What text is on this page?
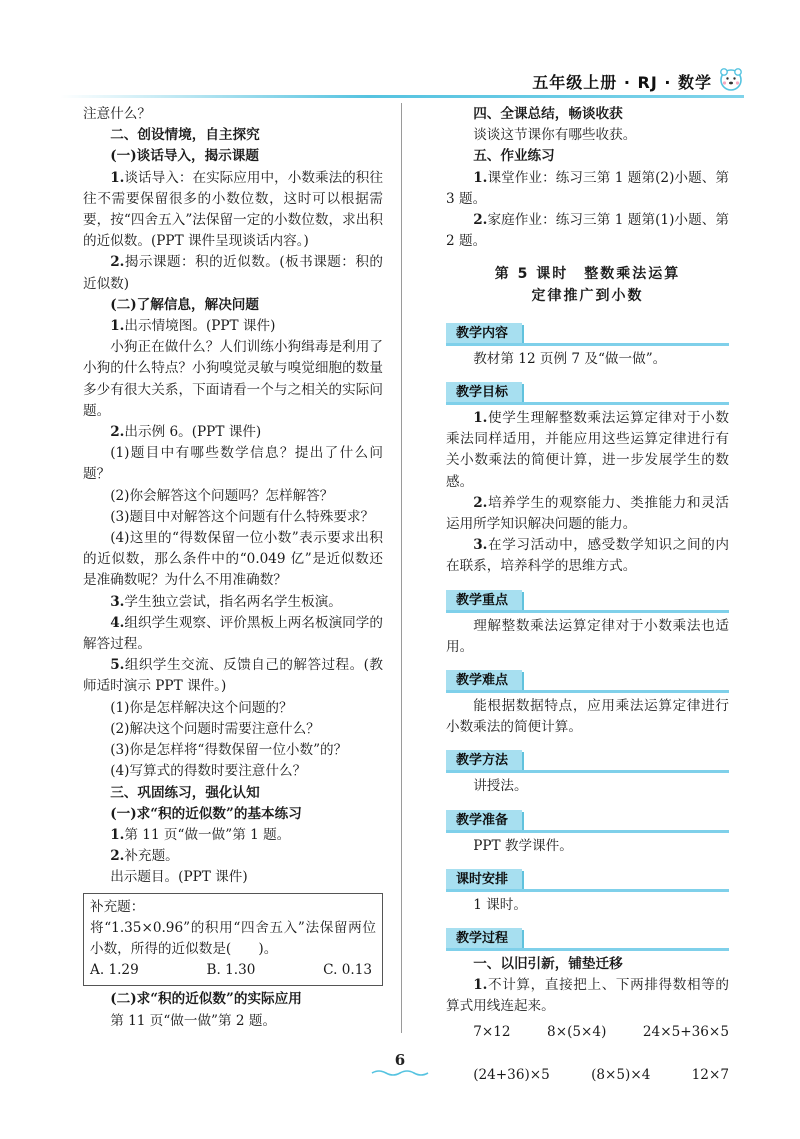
五年级上册 · RJ · 数学

注意什么？

二、创设情境，自主探究

(一)谈话导入，揭示课题

1.谈话导入：在实际应用中，小数乘法的积往往不需要保留很多的小数位数，这时可以根据需要，按“四舍五入”法保留一定的小数位数，求出积的近似数。(PPT 课件呈现谈话内容。)

2.揭示课题：积的近似数。(板书课题：积的近似数)

(二)了解信息，解决问题

1.出示情境图。(PPT 课件)

小狗正在做什么？人们训练小狗缉毒是利用了小狗的什么特点？小狗嗅觉灵敏与嗅觉细胞的数量多少有很大关系，下面请看一个与之相关的实际问题。

2.出示例 6。(PPT 课件)

(1)题目中有哪些数学信息？提出了什么问题？

(2)你会解答这个问题吗？怎样解答？

(3)题目中对解答这个问题有什么特殊要求？

(4)这里的“得数保留一位小数”表示要求出积的近似数，那么条件中的“0.049 亿”是近似数还是准确数呢？为什么不用准确数？

3.学生独立尝试，指名两名学生板演。

4.组织学生观察、评价黑板上两名板演同学的解答过程。

5.组织学生交流、反馈自己的解答过程。(教师适时演示 PPT 课件。)

(1)你是怎样解决这个问题的？

(2)解决这个问题时需要注意什么？

(3)你是怎样将“得数保留一位小数”的？

(4)写算式的得数时要注意什么？

三、巩固练习，强化认知

(一)求“积的近似数”的基本练习

1.第 11 页“做一做”第 1 题。

2.补充题。

出示题目。(PPT 课件)

补充题：

将“1.35×0.96”的积用“四舍五入”法保留两位小数，所得的近似数是(　　)。

A. 1.29	B. 1.30	C. 0.13

(二)求“积的近似数”的实际应用

第 11 页“做一做”第 2 题。

四、全课总结，畅谈收获

谈谈这节课你有哪些收获。

五、作业练习

1.课堂作业：练习三第 1 题第(2)小题、第 3 题。

2.家庭作业：练习三第 1 题第(1)小题、第 2 题。

第 5 课时　整数乘法运算

定律推广到小数

教学内容

教材第 12 页例 7 及“做一做”。

教学目标

1.使学生理解整数乘法运算定律对于小数乘法同样适用，并能应用这些运算定律进行有关小数乘法的简便计算，进一步发展学生的数感。

2.培养学生的观察能力、类推能力和灵活运用所学知识解决问题的能力。

3.在学习活动中，感受数学知识之间的内在联系，培养科学的思维方式。

教学重点

理解整数乘法运算定律对于小数乘法也适用。

教学难点

能根据数据特点，应用乘法运算定律进行小数乘法的简便计算。

教学方法

讲授法。

教学准备

PPT 教学课件。

课时安排

1 课时。

教学过程

一、以旧引新，铺垫迁移

1.不计算，直接把上、下两排得数相等的算式用线连起来。

7×12	8×(5×4)	24×5+36×5
(24+36)×5	(8×5)×4	12×7
6
